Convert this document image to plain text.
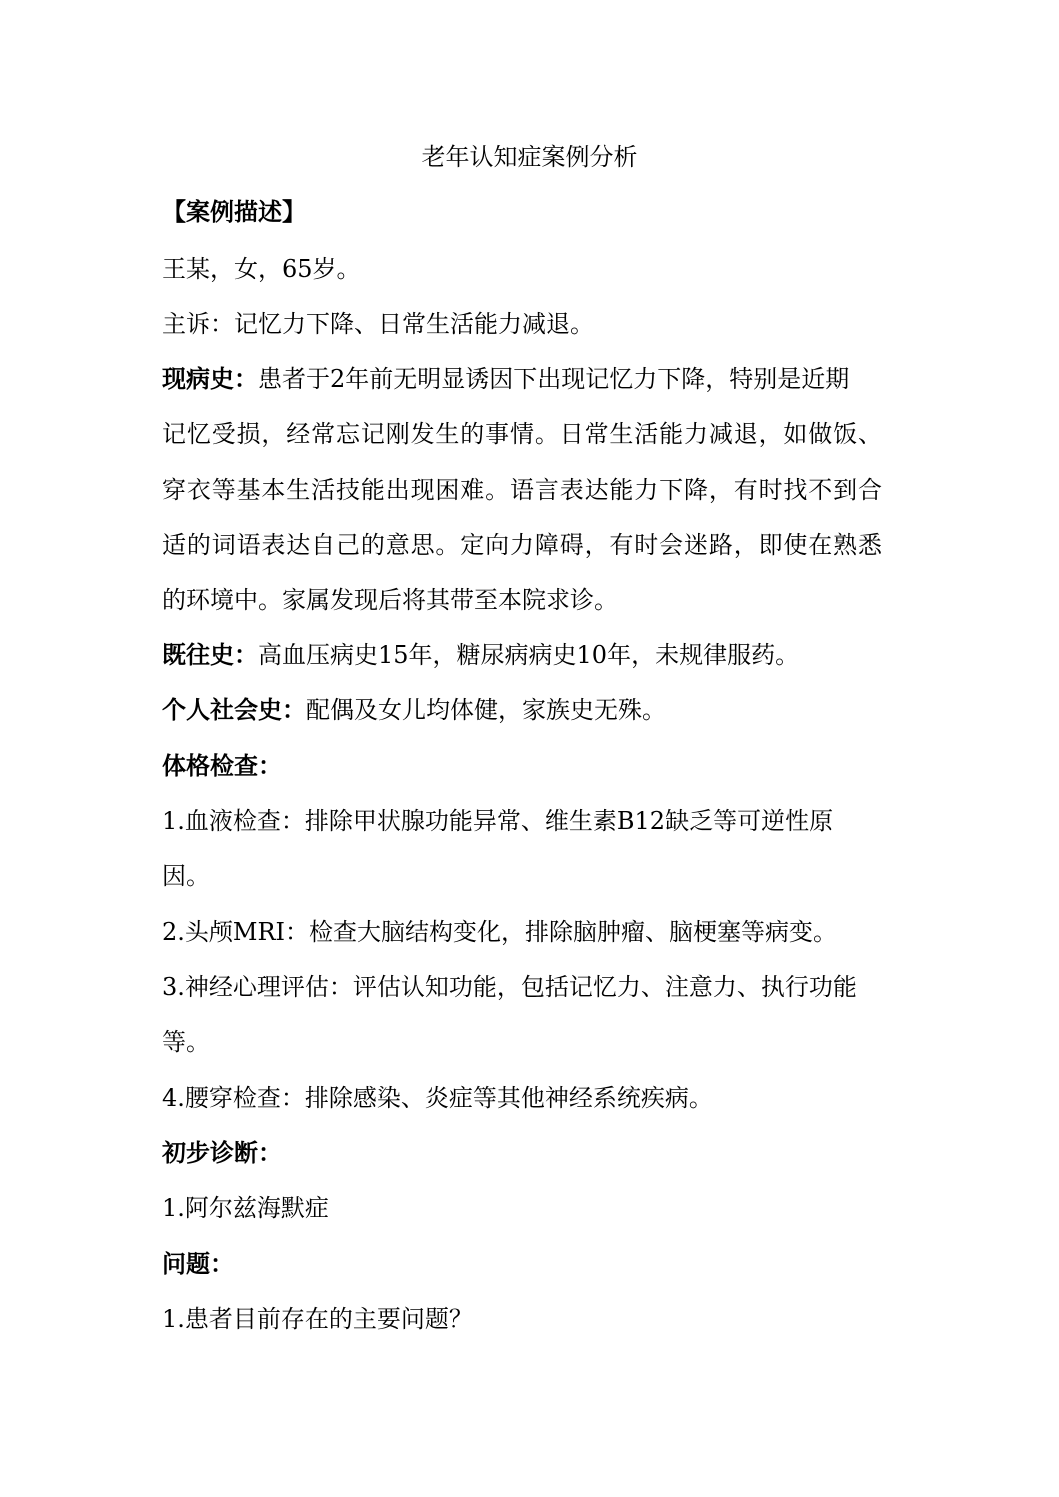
老年认知症案例分析
【案例描述】
王某，女，65岁。
主诉：记忆力下降、日常生活能力减退。
现病史：患者于2年前无明显诱因下出现记忆力下降，特别是近期
记忆受损，经常忘记刚发生的事情。日常生活能力减退，如做饭、
穿衣等基本生活技能出现困难。语言表达能力下降，有时找不到合
适的词语表达自己的意思。定向力障碍，有时会迷路，即使在熟悉
的环境中。家属发现后将其带至本院求诊。
既往史：高血压病史15年，糖尿病病史10年，未规律服药。
个人社会史：配偶及女儿均体健，家族史无殊。
体格检查：
1.血液检查：排除甲状腺功能异常、维生素B12缺乏等可逆性原
因。
2.头颅MRI：检查大脑结构变化，排除脑肿瘤、脑梗塞等病变。
3.神经心理评估：评估认知功能，包括记忆力、注意力、执行功能
等。
4.腰穿检查：排除感染、炎症等其他神经系统疾病。
初步诊断：
1.阿尔兹海默症
问题：
1.患者目前存在的主要问题？
